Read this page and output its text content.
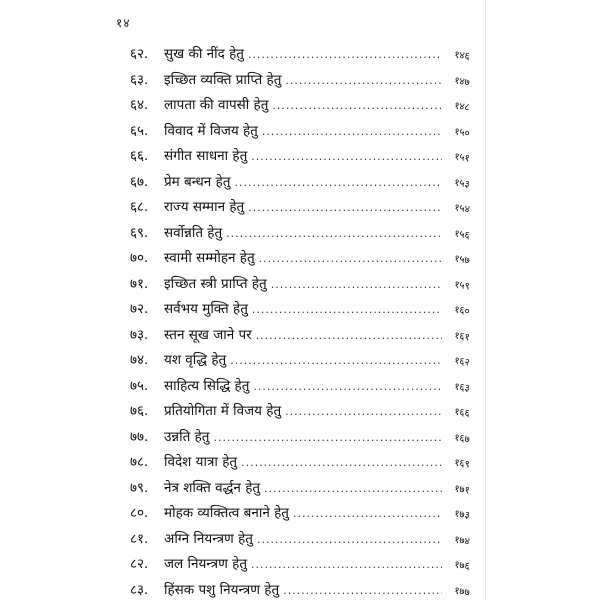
१४
६२.	सुख की नींद हेतु .....	१४६
६३.	इच्छित व्यक्ति प्राप्ति हेतु .....	१४७
६४.	लापता की वापसी हेतु .....	१४८
६५.	विवाद में विजय हेतु .....	१५०
६६.	संगीत साधना हेतु .....	१५१
६७.	प्रेम बन्धन हेतु .....	१५३
६८.	राज्य सम्मान हेतु .....	१५४
६९.	सर्वोन्नति हेतु .....	१५६
७०.	स्वामी सम्मोहन हेतु .....	१५७
७१.	इच्छित स्त्री प्राप्ति हेतु .....	१५९
७२.	सर्वभय मुक्ति हेतु .....	१६०
७३.	स्तन सूख जाने पर .....	१६१
७४.	यश वृद्धि हेतु .....	१६२
७५.	साहित्य सिद्धि हेतु .....	१६३
७६.	प्रतियोगिता में विजय हेतु .....	१६६
७७.	उन्नति हेतु .....	१६७
७८.	विदेश यात्रा हेतु .....	१६९
७९.	नेत्र शक्ति वर्द्धन हेतु .....	१७१
८०.	मोहक व्यक्तित्व बनाने हेतु .....	१७३
८१.	अग्नि नियन्त्रण हेतु .....	१७४
८२.	जल नियन्त्रण हेतु .....	१७६
८३.	हिंसक पशु नियन्त्रण हेतु .....	१७७
